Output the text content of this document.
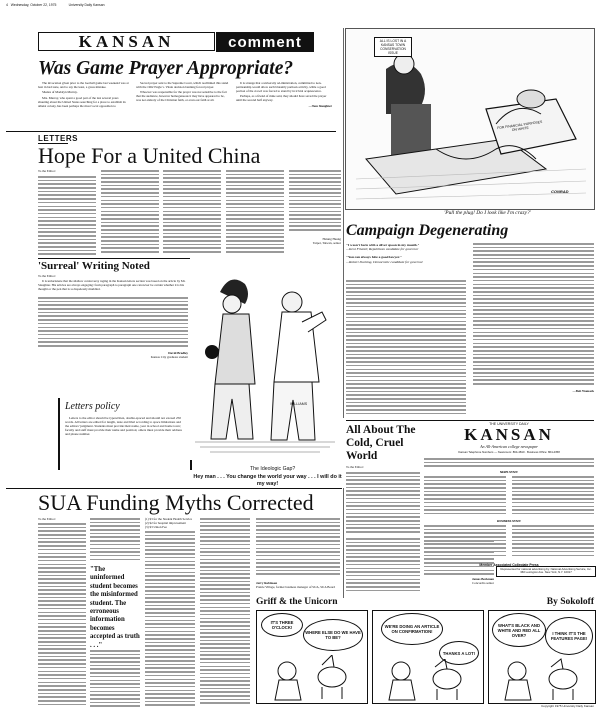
4 Wednesday, October 22, 1975	University Daily Kansan
KANSAN	comment
Was Game Prayer Appropriate?

The invocation given prior to the football game last weekend was at best in bad taste, and to say the least, a gross mistake.

Shades of Madalyn Murray.

Mrs. Murray, who spent a good part of the last several years shouting about the United States searching for a place to establish its atheist colony, has been perhaps the most vocal opposition to

Sacred prayer sent to the Supreme Court, which reaffirmed this stand with the 1962 Engle v. Vitale decision banning forced prayer.

Whoever was responsible for the prayer was not sensitive to the fact that the audience, however homogeneous it may have appeared to be, was not entirely of the Christian faith, or even our faith at all.

It is strange that a university ad-ministration, committed to non-partisanship would allow such blatantly partisan activity, while a good portion of the crowd was forced to stand by in trivial acquiescence.

Perhaps, as a friend of mine said, they should have saved the prayer until the second half anyway.

—Tom Slaughter
ALL IS LOST IN A KANSAS TOWN CONSERVATION ISSUE
FOR FINANCIAL PURPOSES ON WHITE
CONRAD
'Pull the plug! Do I look like I'm crazy?'
LETTERS
Hope For a United China
To the Editor:
Hsiung Huang
Taipei, Taiwan, senior
'Surreal' Writing Noted
To the Editor:
It is unfortunate that the shallow controversy raging in the Kansan letters section was based on the article by Mr. Slaughter. His articles are always engaging: from paragraph to paragraph one can never be certain whether it is his thought or the pen that is so hopelessly muddled.
David Bradley
Kansas City graduate student
Letters policy
Letters to the editor should be typewritten, double-spaced and should not exceed 250 words. All letters are edited for length, taste and libel according to space limitations and the editors' judgment. Students must provide their name, year in school and home town; faculty and staff must provide their name and position; others must provide their address and phone number.
WILLIAMS
The Ideologic Gap?
Hey man . . . You change the world your way . . . I will do it my way!
Campaign Degenerating
"I wasn't born with a silver spoon in my mouth."
—Keni Frizzell, Republican candidate for governor
"You can always hire a good lawyer."
—Robert Docking, Democratic candidate for governor
—Bob Womack
All About The Cold, Cruel World
To the Editor:
James Beckman
Concordia senior
THE UNIVERSITY DAILY
KANSAN
An All-American college newspaper
Kansan Telephone Numbers — Newsroom: 864-4810 · Business Office: 864-4358
NEWS STAFF
BUSINESS STAFF
Member Associated Collegiate Press
Represented for national advertising by: National Advertising Service, Inc.
360 Lexington Ave. New York, N.Y. 10017
SUA Funding Myths Corrected
To the Editor:
"The uninformed student becomes the misinformed student. The erroneous information becomes accepted as truth . . ."
(1) $3 for the Student Health Service
(2) $2 for hospital improvement
(3) $3 Union Fee
Jerry Robinson
Prairie Village, former business manager of SUA, SUA Board
Griff & the Unicorn	By Sokoloff
IT'S THREE O'CLOCK!
WHERE ELSE DO WE HAVE TO BE?
WE'RE DOING AN ARTICLE ON CONFIRMATION!
THANKS A LOT!
WHAT'S BLACK AND WHITE AND RED ALL OVER?	I THINK IT'S THE FEATURES PAGE!
Copyright 1975 University Daily Kansan
